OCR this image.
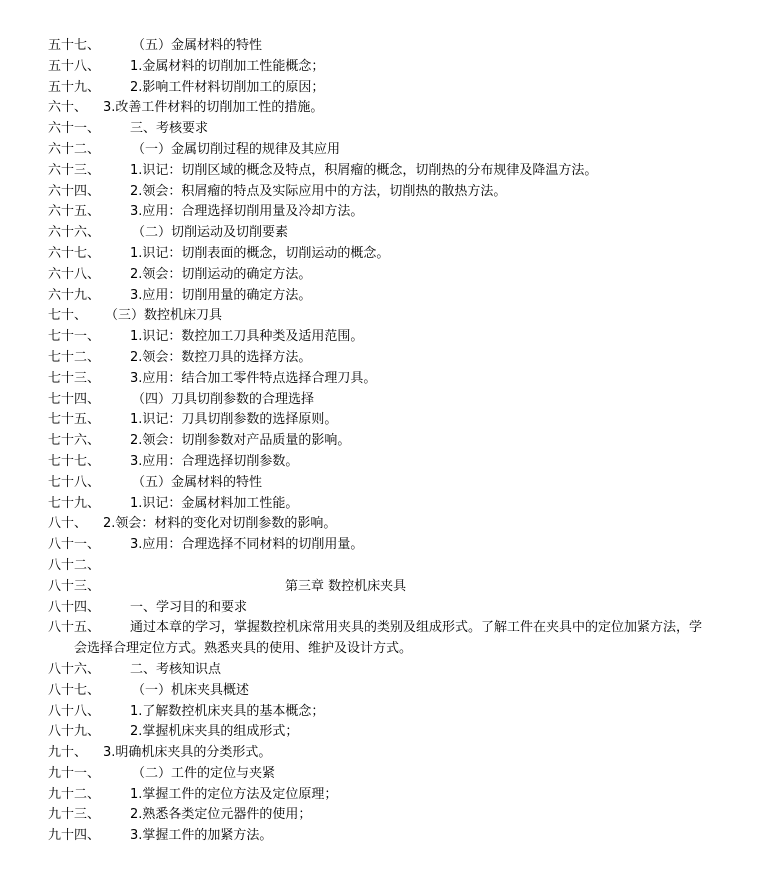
五十七、 （五）金属材料的特性
五十八、 1.金属材料的切削加工性能概念；
五十九、 2.影响工件材料切削加工的原因；
六十、 3.改善工件材料的切削加工性的措施。
六十一、 三、考核要求
六十二、 （一）金属切削过程的规律及其应用
六十三、 1.识记：切削区域的概念及特点，积屑瘤的概念，切削热的分布规律及降温方法。
六十四、 2.领会：积屑瘤的特点及实际应用中的方法，切削热的散热方法。
六十五、 3.应用：合理选择切削用量及冷却方法。
六十六、 （二）切削运动及切削要素
六十七、 1.识记：切削表面的概念，切削运动的概念。
六十八、 2.领会：切削运动的确定方法。
六十九、 3.应用：切削用量的确定方法。
七十、 （三）数控机床刀具
七十一、 1.识记：数控加工刀具种类及适用范围。
七十二、 2.领会：数控刀具的选择方法。
七十三、 3.应用：结合加工零件特点选择合理刀具。
七十四、 （四）刀具切削参数的合理选择
七十五、 1.识记：刀具切削参数的选择原则。
七十六、 2.领会：切削参数对产品质量的影响。
七十七、 3.应用：合理选择切削参数。
七十八、 （五）金属材料的特性
七十九、 1.识记：金属材料加工性能。
八十、 2.领会：材料的变化对切削参数的影响。
八十一、 3.应用：合理选择不同材料的切削用量。
八十二、
八十三、	第三章 数控机床夹具
八十四、 一、学习目的和要求
八十五、 通过本章的学习，掌握数控机床常用夹具的类别及组成形式。了解工件在夹具中的定位加紧方法，学
会选择合理定位方式。熟悉夹具的使用、维护及设计方式。
八十六、 二、考核知识点
八十七、 （一）机床夹具概述
八十八、 1.了解数控机床夹具的基本概念；
八十九、 2.掌握机床夹具的组成形式；
九十、 3.明确机床夹具的分类形式。
九十一、 （二）工件的定位与夹紧
九十二、 1.掌握工件的定位方法及定位原理；
九十三、 2.熟悉各类定位元器件的使用；
九十四、 3.掌握工件的加紧方法。
